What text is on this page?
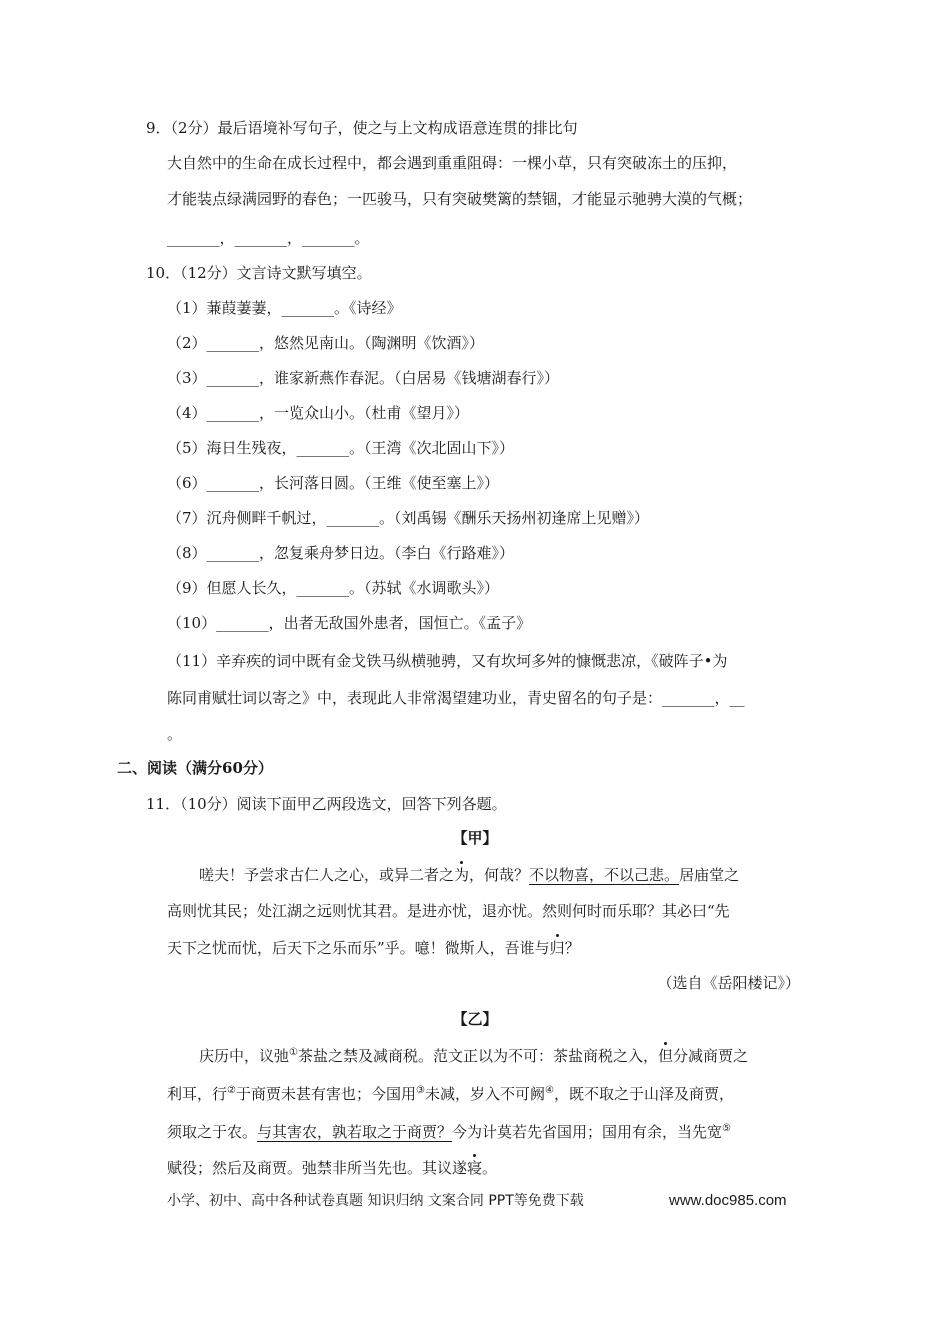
9．（2分）最后语境补写句子，使之与上文构成语意连贯的排比句
大自然中的生命在成长过程中，都会遇到重重阻碍：一棵小草，只有突破冻土的压抑，
才能装点绿满园野的春色；一匹骏马，只有突破樊篱的禁锢，才能显示驰骋大漠的气概；
_______，_______，_______。
10．（12分）文言诗文默写填空。
（1）蒹葭萋萋，_______。《诗经》
（2）_______，悠然见南山。（陶渊明《饮酒》）
（3）_______，谁家新燕作春泥。（白居易《钱塘湖春行》）
（4）_______，一览众山小。（杜甫《望月》）
（5）海日生残夜，_______。（王湾《次北固山下》）
（6）_______，长河落日圆。（王维《使至塞上》）
（7）沉舟侧畔千帆过，_______。（刘禹锡《酬乐天扬州初逢席上见赠》）
（8）_______，忽复乘舟梦日边。（李白《行路难》）
（9）但愿人长久，_______。（苏轼《水调歌头》）
（10）_______，出者无敌国外患者，国恒亡。《孟子》
（11）辛弃疾的词中既有金戈铁马纵横驰骋，又有坎坷多舛的慷慨悲凉，《破阵子•为
陈同甫赋壮词以寄之》中，表现此人非常渴望建功业，青史留名的句子是：_______，__
。
二、阅读（满分60分）
11．（10分）阅读下面甲乙两段选文，回答下列各题。
【甲】
嗟夫！予尝求古仁人之心，或异二者之为，何哉？不以物喜，不以己悲。居庙堂之
高则忧其民；处江湖之远则忧其君。是进亦忧，退亦忧。然则何时而乐耶？其必曰“先
天下之忧而忧，后天下之乐而乐”乎。噫！微斯人，吾谁与归？
（选自《岳阳楼记》）
【乙】
庆历中，议弛①茶盐之禁及减商税。范文正以为不可：茶盐商税之入，但分减商贾之
利耳，行②于商贾未甚有害也；今国用③未减，岁入不可阙④，既不取之于山泽及商贾，
须取之于农。与其害农，孰若取之于商贾？今为计莫若先省国用；国用有余，当先宽⑤
赋役；然后及商贾。弛禁非所当先也。其议遂寝。
小学、初中、高中各种试卷真题 知识归纳 文案合同 PPT等免费下载	www.doc985.com
